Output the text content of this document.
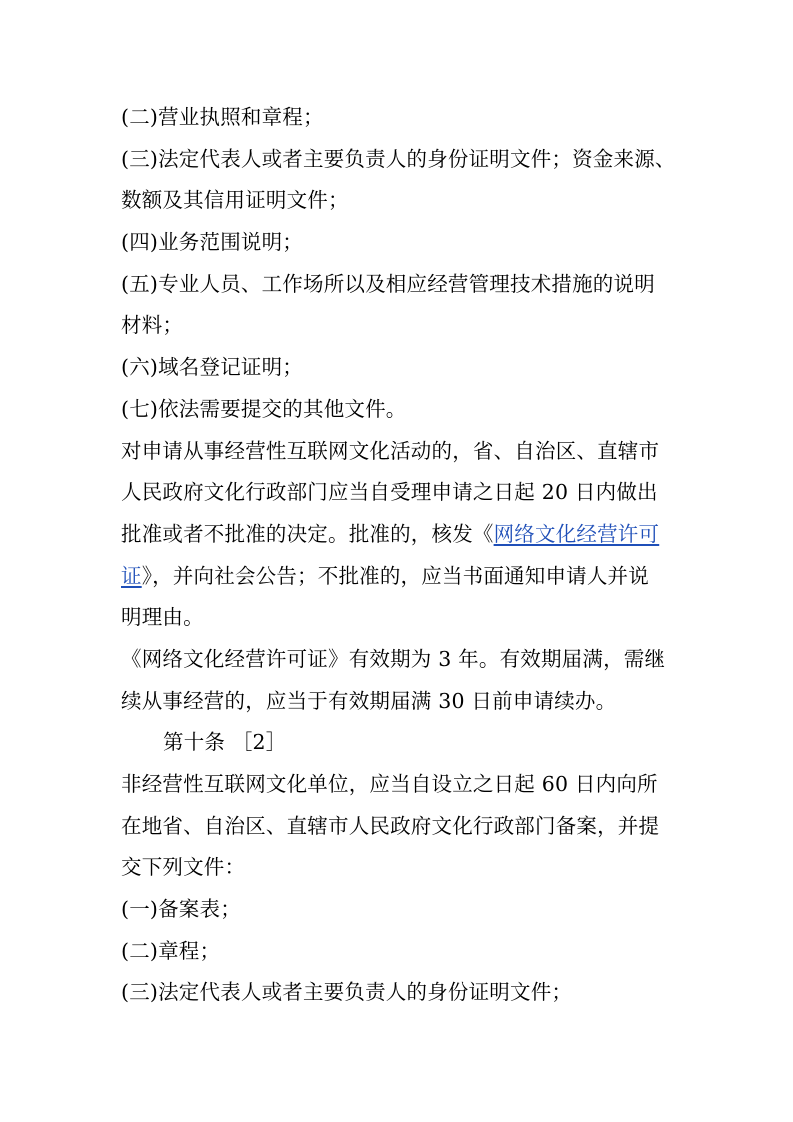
(二)营业执照和章程；
(三)法定代表人或者主要负责人的身份证明文件；资金来源、
数额及其信用证明文件；
(四)业务范围说明；
(五)专业人员、工作场所以及相应经营管理技术措施的说明
材料；
(六)域名登记证明；
(七)依法需要提交的其他文件。
对申请从事经营性互联网文化活动的，省、自治区、直辖市
人民政府文化行政部门应当自受理申请之日起 20 日内做出
批准或者不批准的决定。批准的，核发《网络文化经营许可
证》，并向社会公告；不批准的，应当书面通知申请人并说
明理由。
《网络文化经营许可证》有效期为 3 年。有效期届满，需继
续从事经营的，应当于有效期届满 30 日前申请续办。
第十条 ［2］
非经营性互联网文化单位，应当自设立之日起 60 日内向所
在地省、自治区、直辖市人民政府文化行政部门备案，并提
交下列文件：
(一)备案表；
(二)章程；
(三)法定代表人或者主要负责人的身份证明文件；
